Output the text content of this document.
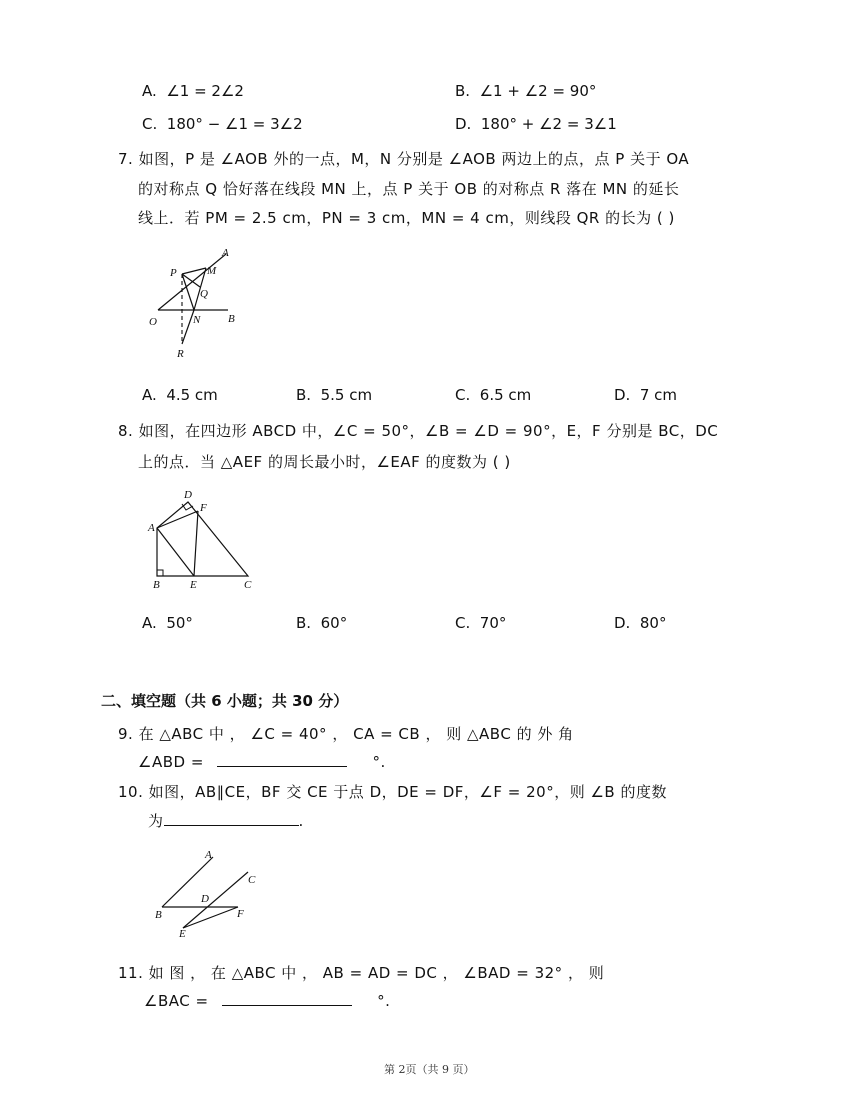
A. ∠1 = 2∠2	B. ∠1 + ∠2 = 90°
C. 180° − ∠1 = 3∠2	D. 180° + ∠2 = 3∠1
7. 如图，P 是 ∠AOB 外的一点，M，N 分别是 ∠AOB 两边上的点，点 P 关于 OA
的对称点 Q 恰好落在线段 MN 上，点 P 关于 OB 的对称点 R 落在 MN 的延长
线上．若 PM = 2.5 cm，PN = 3 cm，MN = 4 cm，则线段 QR 的长为 ( )
A
M
P
Q
O	N	B
R
A. 4.5 cm	B. 5.5 cm	C. 6.5 cm	D. 7 cm
8. 如图，在四边形 ABCD 中，∠C = 50°，∠B = ∠D = 90°，E，F 分别是 BC，DC
上的点．当 △AEF 的周长最小时，∠EAF 的度数为 ( )
D
F
A
B	E	C
A. 50°	B. 60°	C. 70°	D. 80°
二、填空题（共 6 小题；共 30 分）
9. 在 △ABC 中 ， ∠C = 40° ， CA = CB ， 则 △ABC 的 外 角
∠ABD =	°.
10. 如图，AB∥CE，BF 交 CE 于点 D，DE = DF，∠F = 20°，则 ∠B 的度数
为	.
A
C
D
B	F
E
11. 如 图 ， 在 △ABC 中 ， AB = AD = DC ， ∠BAD = 32° ， 则
∠BAC =	°.
第 2页（共 9 页）
